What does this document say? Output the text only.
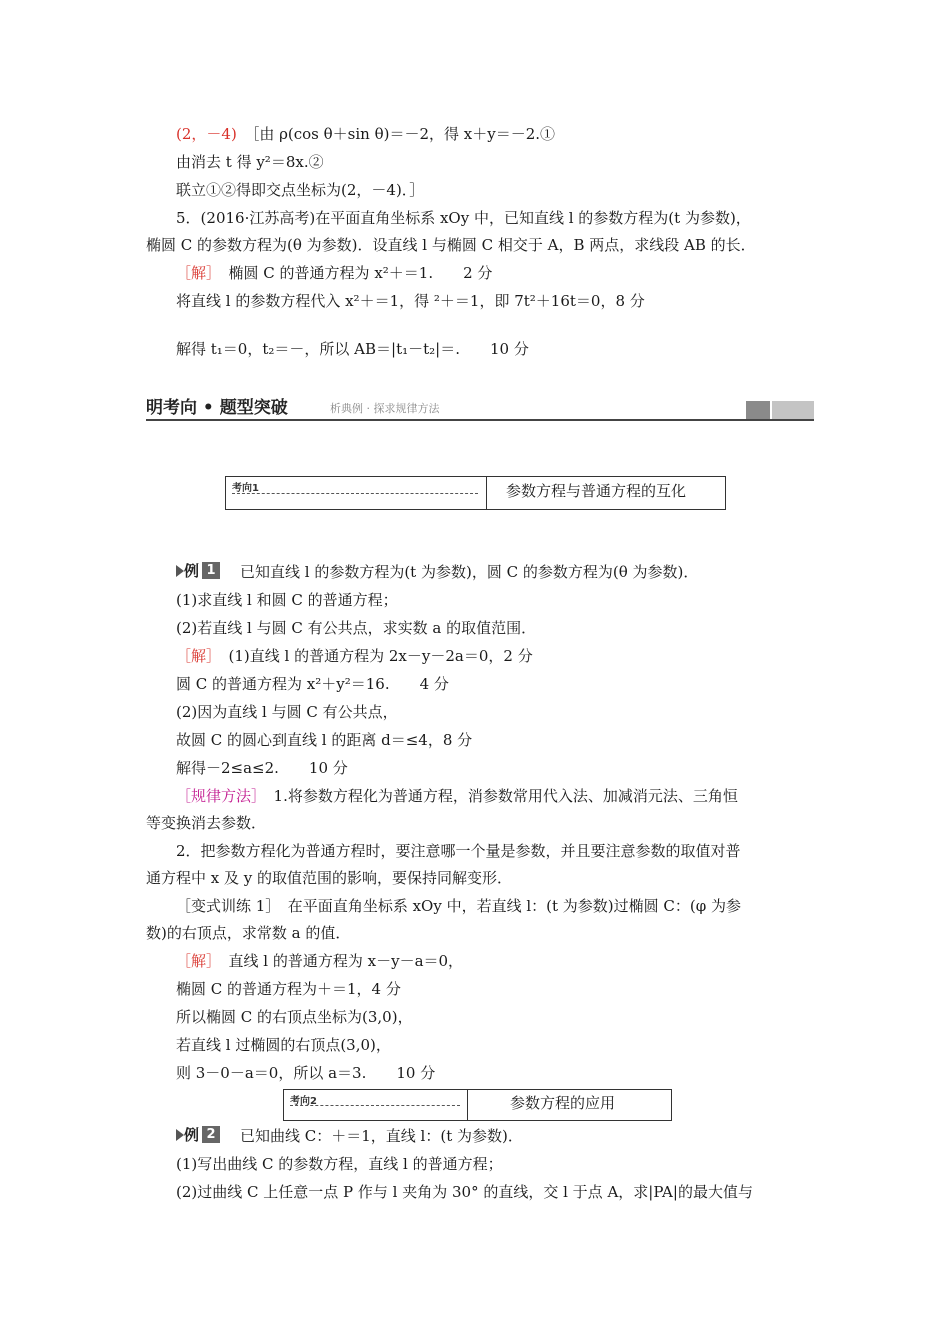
(2，－4)　 ［由 ρ(cos θ＋sin θ)＝－2，得 x＋y＝－2.①
由消去 t 得 y²＝8x.②
联立①②得即交点坐标为(2，－4)．］
5．(2016·江苏高考)在平面直角坐标系 xOy 中，已知直线 l 的参数方程为(t 为参数)，
椭圆 C 的参数方程为(θ 为参数)．设直线 l 与椭圆 C 相交于 A，B 两点，求线段 AB 的长．
［解］　 椭圆 C 的普通方程为 x²＋＝1.　　2 分
将直线 l 的参数方程代入 x²＋＝1，得 ²＋＝1，即 7t²＋16t＝0，8 分
解得 t₁＝0，t₂＝－，所以 AB＝|t₁－t₂|＝.　　10 分
明考向 • 题型突破	析典例 · 探求规律方法
考向1	参数方程与普通方程的互化
例 1 已知直线 l 的参数方程为(t 为参数)，圆 C 的参数方程为(θ 为参数)．
(1)求直线 l 和圆 C 的普通方程；
(2)若直线 l 与圆 C 有公共点，求实数 a 的取值范围．
［解］　 (1)直线 l 的普通方程为 2x－y－2a＝0，2 分
圆 C 的普通方程为 x²＋y²＝16.　　4 分
(2)因为直线 l 与圆 C 有公共点，
故圆 C 的圆心到直线 l 的距离 d＝≤4，8 分
解得－2≤a≤2.　　10 分
［规律方法］　 1.将参数方程化为普通方程，消参数常用代入法、加减消元法、三角恒
等变换消去参数．
2．把参数方程化为普通方程时，要注意哪一个量是参数，并且要注意参数的取值对普
通方程中 x 及 y 的取值范围的影响，要保持同解变形．
［变式训练 1］　在平面直角坐标系 xOy 中，若直线 l：(t 为参数)过椭圆 C：(φ 为参
数)的右顶点，求常数 a 的值．
［解］　 直线 l 的普通方程为 x－y－a＝0，
椭圆 C 的普通方程为＋＝1，4 分
所以椭圆 C 的右顶点坐标为(3,0)，
若直线 l 过椭圆的右顶点(3,0)，
则 3－0－a＝0，所以 a＝3.　　10 分
考向2	参数方程的应用
例 2 已知曲线 C：＋＝1，直线 l：(t 为参数)．
(1)写出曲线 C 的参数方程，直线 l 的普通方程；
(2)过曲线 C 上任意一点 P 作与 l 夹角为 30° 的直线，交 l 于点 A，求|PA|的最大值与
